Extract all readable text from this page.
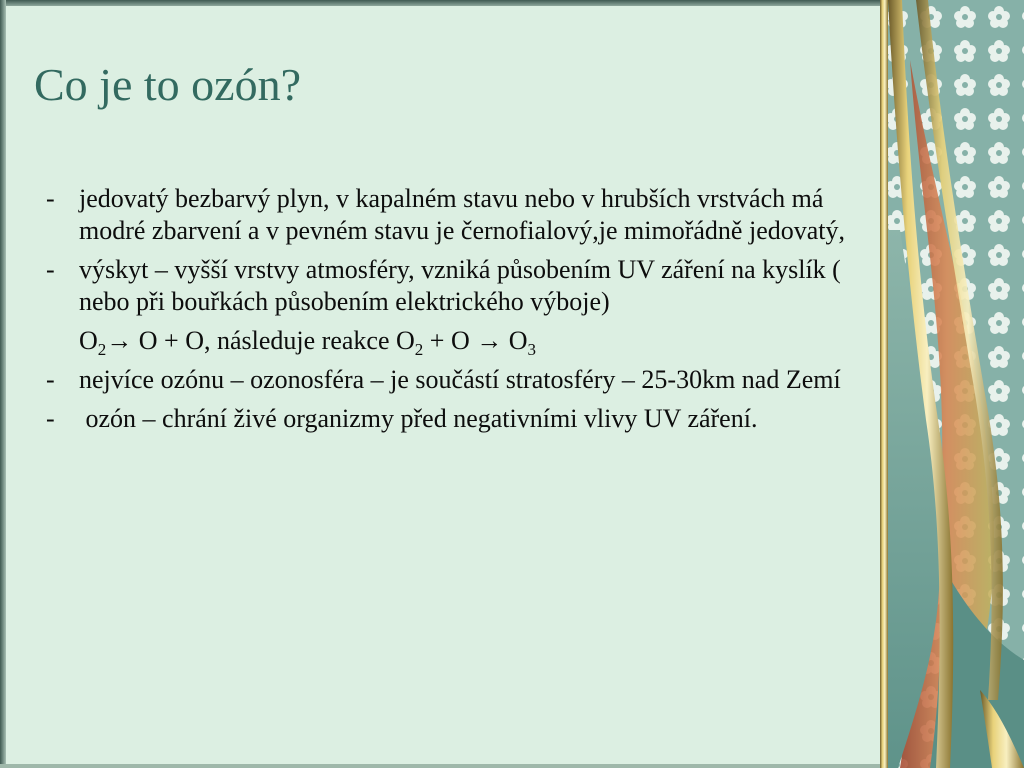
Co je to ozón?
- jedovatý bezbarvý plyn, v kapalném stavu nebo v hrubších vrstvách má modré zbarvení a v pevném stavu je černofialový,je mimořádně jedovatý,
- výskyt – vyšší vrstvy atmosféry, vzniká působením UV záření na kyslík ( nebo při bouřkách působením elektrického výboje)
$O_2\to O + O$, následuje reakce $O_2 + O \to O_3$
- nejvíce ozónu – ozonosféra – je součástí stratosféry – 25-30km nad Zemí
- ozón – chrání živé organizmy před negativními vlivy UV záření.
